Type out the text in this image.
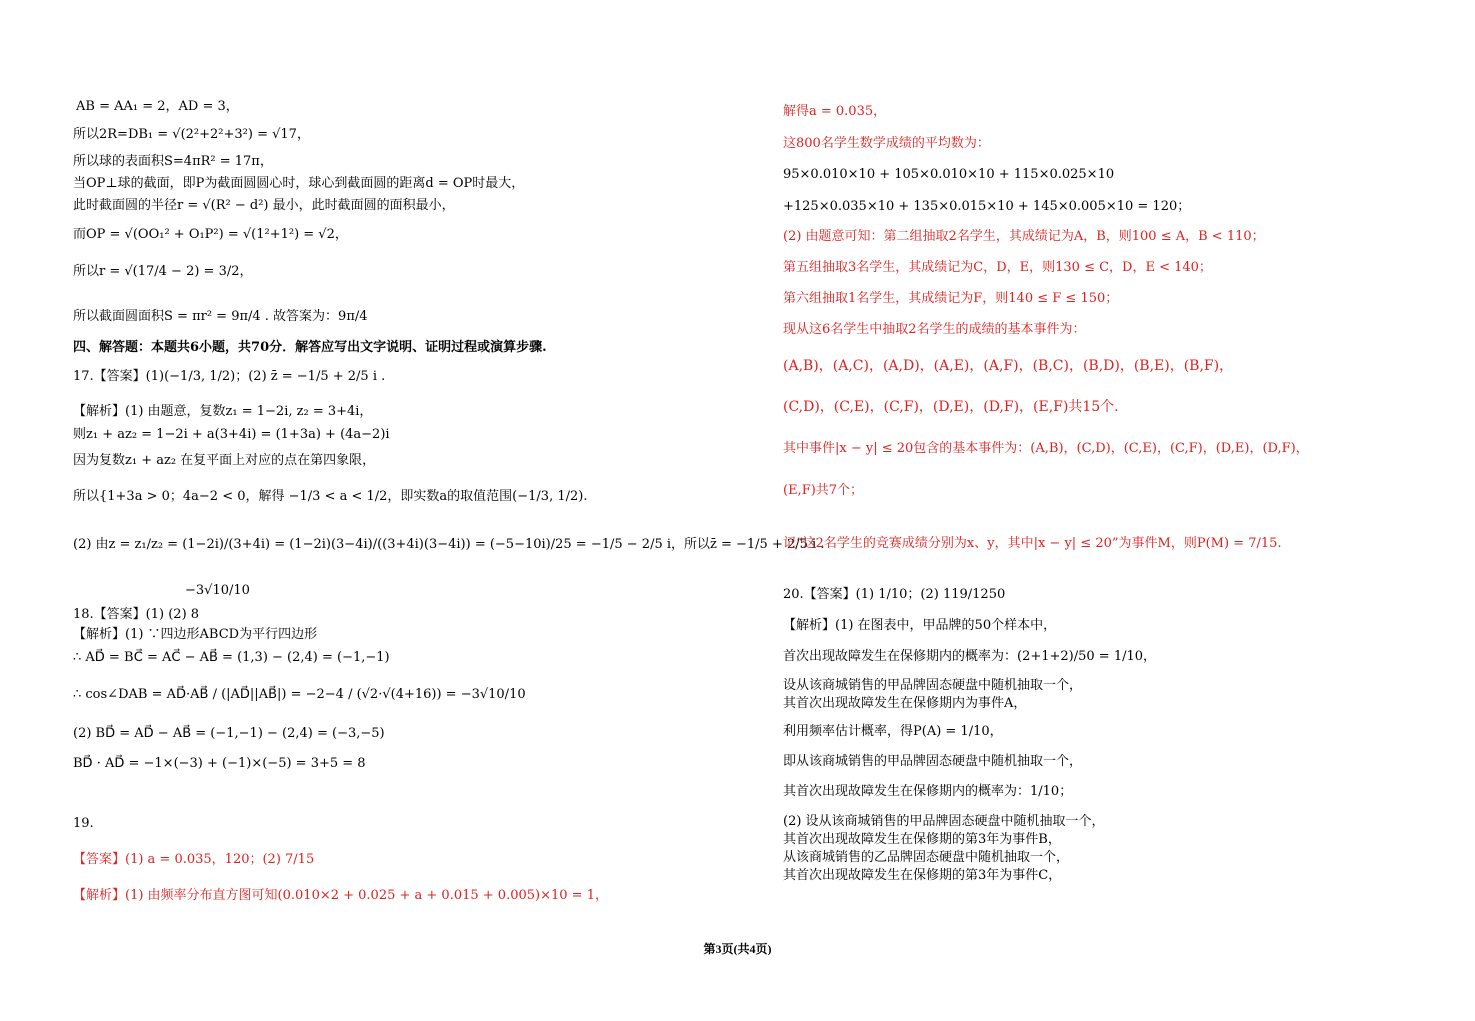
AB = AA₁ = 2，AD = 3，
所以2R=DB₁ = √(2²+2²+3²) = √17，
所以球的表面积S=4πR² = 17π，
当OP⊥球的截面，即P为截面圆圆心时，球心到截面圆的距离d = OP时最大，
此时截面圆的半径r = √(R² − d²) 最小，此时截面圆的面积最小，
而OP = √(OO₁² + O₁P²) = √(1²+1²) = √2，
所以r = √(17/4 − 2) = 3/2，
所以截面圆面积S = πr² = 9π/4 . 故答案为：9π/4
四、解答题：本题共6小题，共70分．解答应写出文字说明、证明过程或演算步骤.
17.【答案】(1)(−1/3, 1/2)；(2) z̄ = −1/5 + 2/5 i .
【解析】(1) 由题意，复数z₁ = 1−2i, z₂ = 3+4i，
则z₁ + az₂ = 1−2i + a(3+4i) = (1+3a) + (4a−2)i
因为复数z₁ + az₂ 在复平面上对应的点在第四象限，
所以{1+3a > 0；4a−2 < 0，解得 −1/3 < a < 1/2，即实数a的取值范围(−1/3, 1/2).
(2) 由z = z₁/z₂ = (1−2i)/(3+4i) = (1−2i)(3−4i)/((3+4i)(3−4i)) = (−5−10i)/25 = −1/5 − 2/5 i，所以z̄ = −1/5 + 2/5 i .
−3√10/10
18.【答案】(1) (2) 8
【解析】(1) ∵四边形ABCD为平行四边形
∴ AD⃗ = BC⃗ = AC⃗ − AB⃗ = (1,3) − (2,4) = (−1,−1)
∴ cos∠DAB = AD⃗·AB⃗ / (|AD⃗||AB⃗|) = −2−4 / (√2·√(4+16)) = −3√10/10
(2) BD⃗ = AD⃗ − AB⃗ = (−1,−1) − (2,4) = (−3,−5)
BD⃗ · AD⃗ = −1×(−3) + (−1)×(−5) = 3+5 = 8
19.
【答案】(1) a = 0.035，120；(2) 7/15
【解析】(1) 由频率分布直方图可知(0.010×2 + 0.025 + a + 0.015 + 0.005)×10 = 1，
解得a = 0.035，
这800名学生数学成绩的平均数为：
95×0.010×10 + 105×0.010×10 + 115×0.025×10
+125×0.035×10 + 135×0.015×10 + 145×0.005×10 = 120；
(2) 由题意可知：第二组抽取2名学生，其成绩记为A，B，则100 ≤ A，B < 110；
第五组抽取3名学生，其成绩记为C，D，E，则130 ≤ C，D，E < 140；
第六组抽取1名学生，其成绩记为F，则140 ≤ F ≤ 150；
现从这6名学生中抽取2名学生的成绩的基本事件为：
(A,B)，(A,C)，(A,D)，(A,E)，(A,F)，(B,C)，(B,D)，(B,E)，(B,F)，
(C,D)，(C,E)，(C,F)，(D,E)，(D,F)，(E,F)共15个.
其中事件|x − y| ≤ 20包含的基本事件为：(A,B)，(C,D)，(C,E)，(C,F)，(D,E)，(D,F)，
(E,F)共7个；
记“这2名学生的竞赛成绩分别为x、y，其中|x − y| ≤ 20”为事件M，则P(M) = 7/15.
20.【答案】(1) 1/10；(2) 119/1250
【解析】(1) 在图表中，甲品牌的50个样本中，
首次出现故障发生在保修期内的概率为：(2+1+2)/50 = 1/10，
设从该商城销售的甲品牌固态硬盘中随机抽取一个，
其首次出现故障发生在保修期内为事件A，
利用频率估计概率，得P(A) = 1/10，
即从该商城销售的甲品牌固态硬盘中随机抽取一个，
其首次出现故障发生在保修期内的概率为：1/10；
(2) 设从该商城销售的甲品牌固态硬盘中随机抽取一个，
其首次出现故障发生在保修期的第3年为事件B，
从该商城销售的乙品牌固态硬盘中随机抽取一个，
其首次出现故障发生在保修期的第3年为事件C，
第3页(共4页)
